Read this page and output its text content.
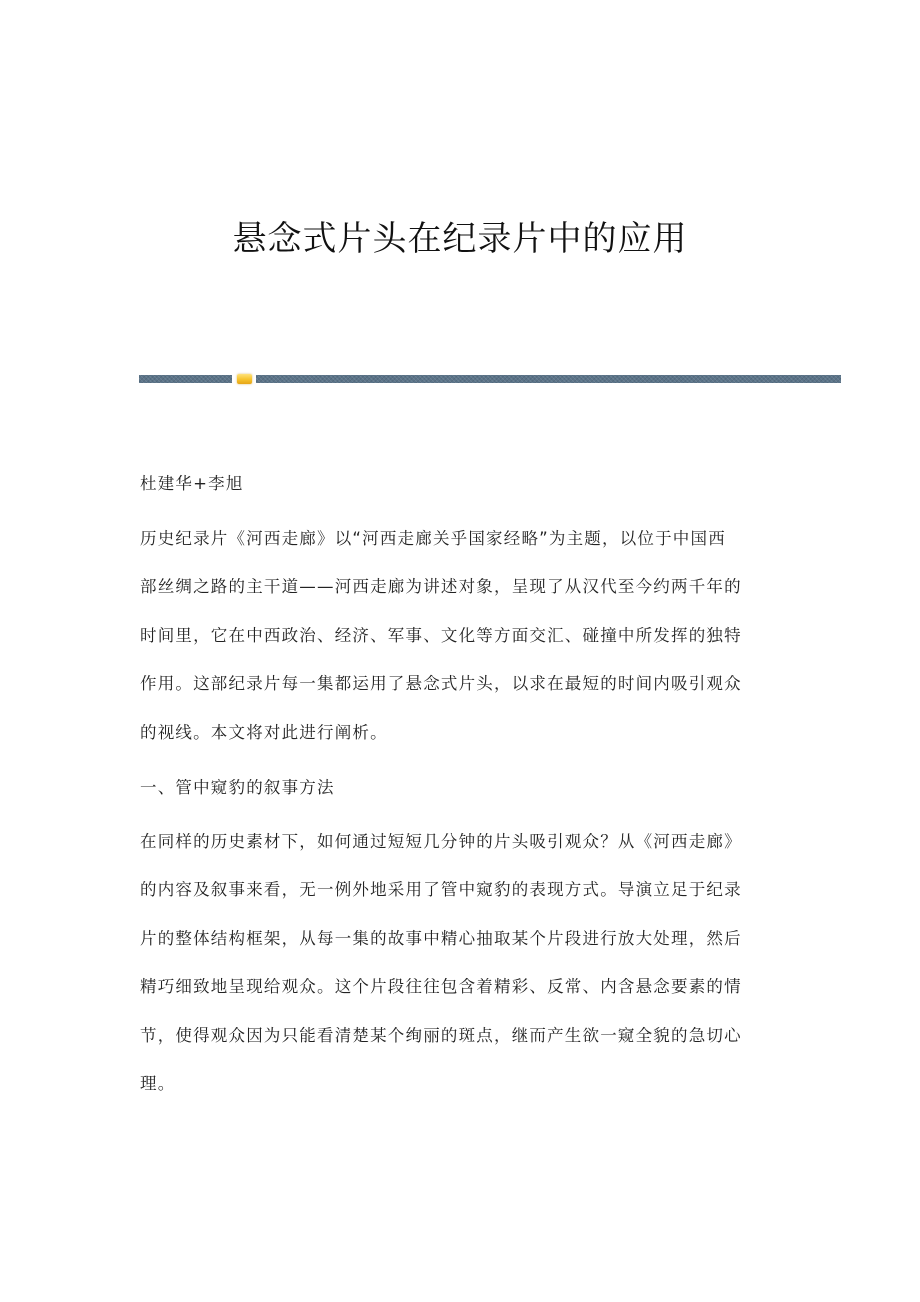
悬念式片头在纪录片中的应用
杜建华+李旭
历史纪录片《河西走廊》以“河西走廊关乎国家经略”为主题，以位于中国西
部丝绸之路的主干道——河西走廊为讲述对象，呈现了从汉代至今约两千年的
时间里，它在中西政治、经济、军事、文化等方面交汇、碰撞中所发挥的独特
作用。这部纪录片每一集都运用了悬念式片头，以求在最短的时间内吸引观众
的视线。本文将对此进行阐析。
一、管中窥豹的叙事方法
在同样的历史素材下，如何通过短短几分钟的片头吸引观众？从《河西走廊》
的内容及叙事来看，无一例外地采用了管中窥豹的表现方式。导演立足于纪录
片的整体结构框架，从每一集的故事中精心抽取某个片段进行放大处理，然后
精巧细致地呈现给观众。这个片段往往包含着精彩、反常、内含悬念要素的情
节，使得观众因为只能看清楚某个绚丽的斑点，继而产生欲一窥全貌的急切心
理。
